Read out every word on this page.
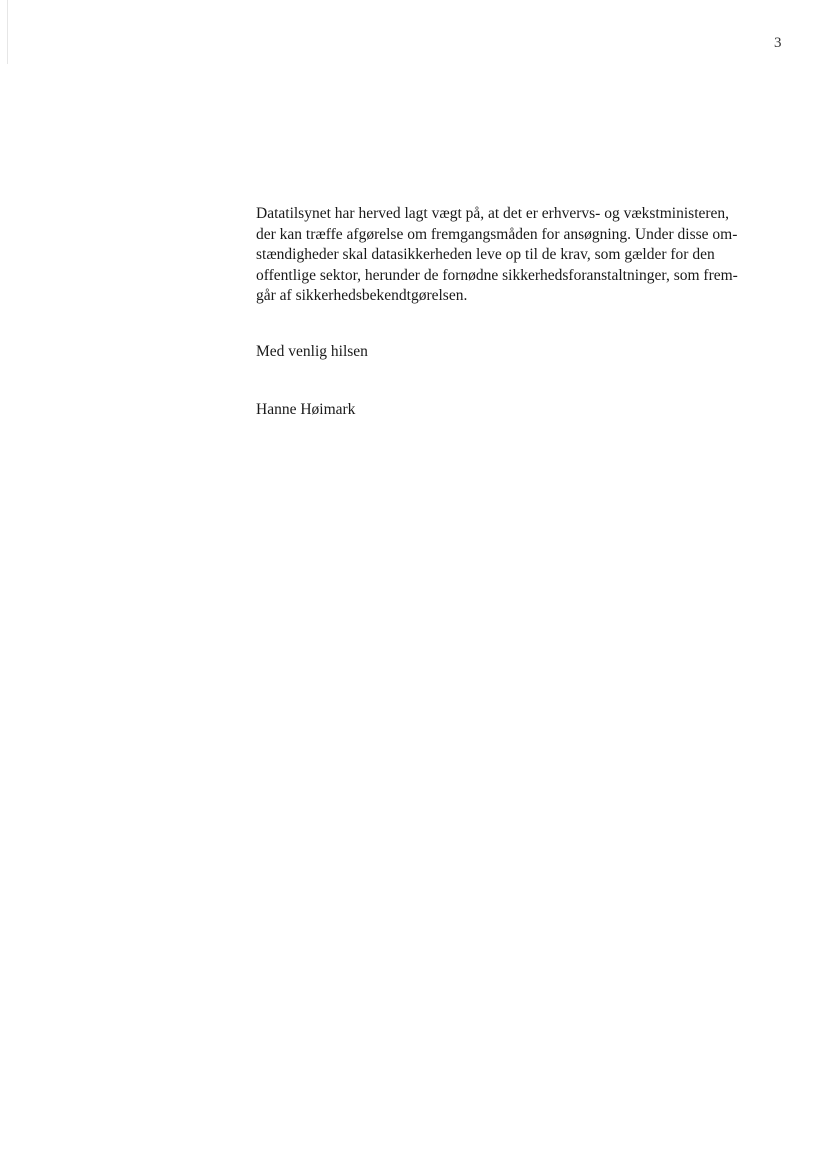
3
Datatilsynet har herved lagt vægt på, at det er erhvervs- og vækstministeren,
der kan træffe afgørelse om fremgangsmåden for ansøgning. Under disse om-
stændigheder skal datasikkerheden leve op til de krav, som gælder for den
offentlige sektor, herunder de fornødne sikkerhedsforanstaltninger, som frem-
går af sikkerhedsbekendtgørelsen.
Med venlig hilsen
Hanne Høimark
